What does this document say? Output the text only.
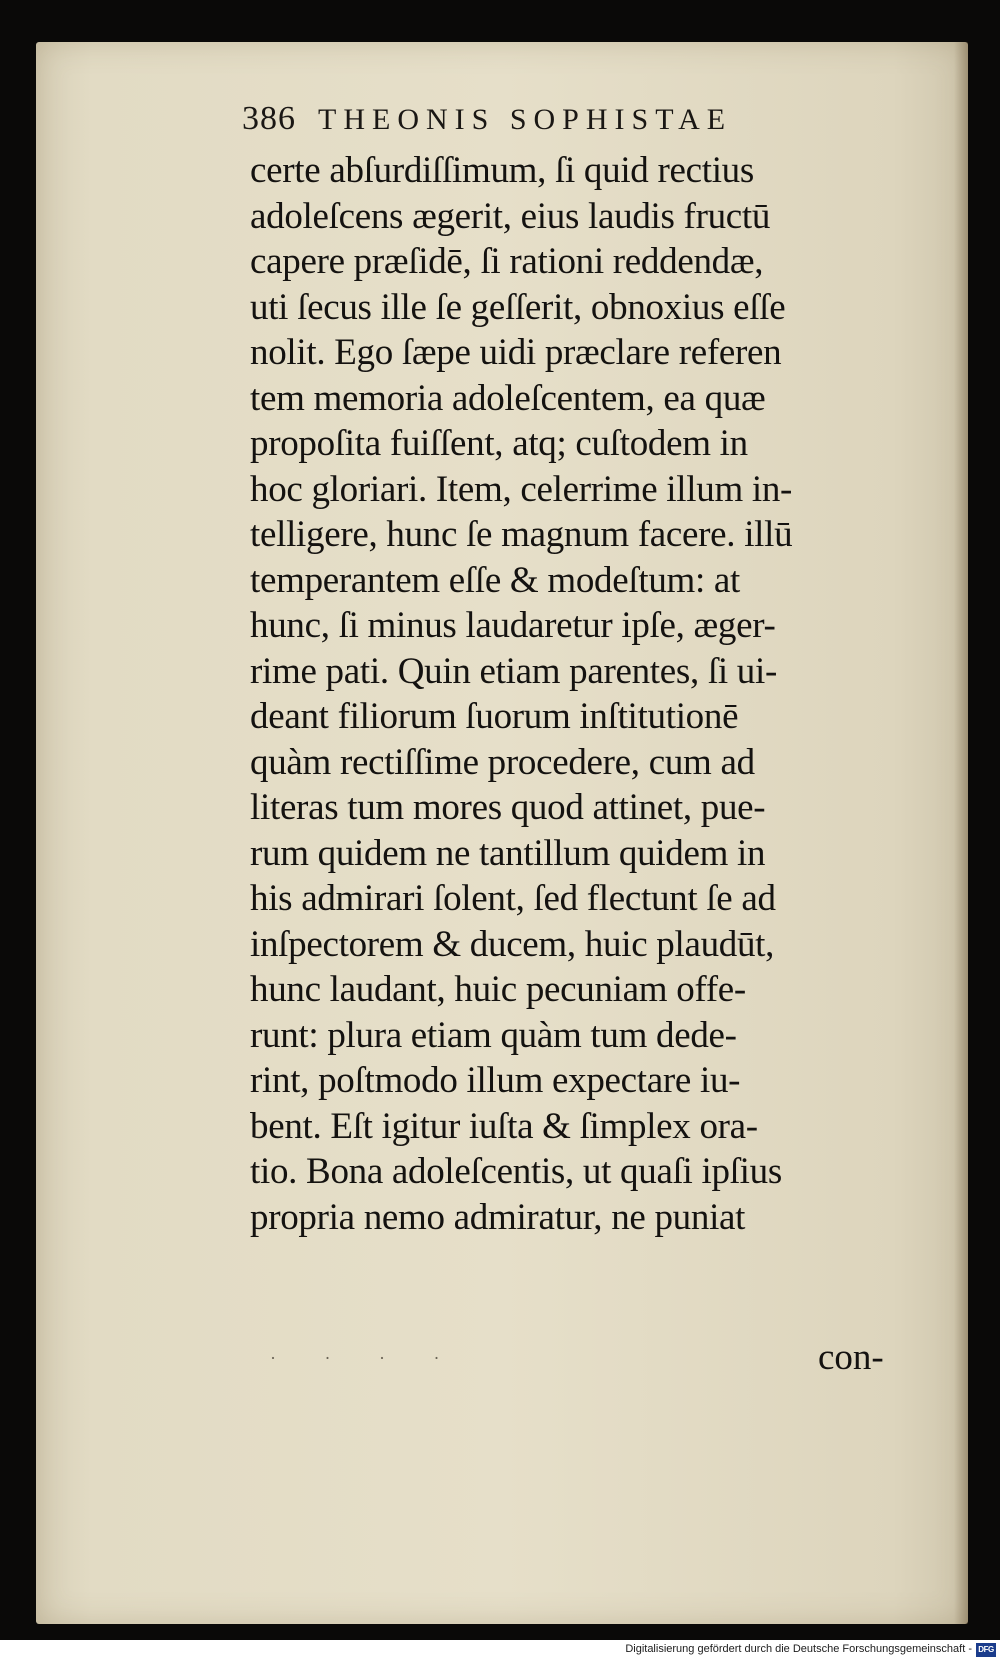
386 THEONIS SOPHISTAE
certe abſurdiſſimum, ſi quid rectius
adoleſcens ægerit, eius laudis fructū
capere præſidē, ſi rationi reddendæ,
uti ſecus ille ſe geſſerit, obnoxius eſſe
nolit. Ego ſæpe uidi præclare referen
tem memoria adoleſcentem, ea quæ
propoſita fuiſſent, atq; cuſtodem in
hoc gloriari. Item, celerrime illum in-
telligere, hunc ſe magnum facere. illū
temperantem eſſe & modeſtum: at
hunc, ſi minus laudaretur ipſe, æger-
rime pati. Quin etiam parentes, ſi ui-
deant filiorum ſuorum inſtitutionē
quàm rectiſſime procedere, cum ad
literas tum mores quod attinet, pue-
rum quidem ne tantillum quidem in
his admirari ſolent, ſed flectunt ſe ad
inſpectorem & ducem, huic plaudūt,
hunc laudant, huic pecuniam offe-
runt: plura etiam quàm tum dede-
rint, poſtmodo illum expectare iu-
bent. Eſt igitur iuſta & ſimplex ora-
tio. Bona adoleſcentis, ut quaſi ipſius
propria nemo admiratur, ne puniat
· · · ·	con-
Digitalisierung gefördert durch die Deutsche Forschungsgemeinschaft - DFG
